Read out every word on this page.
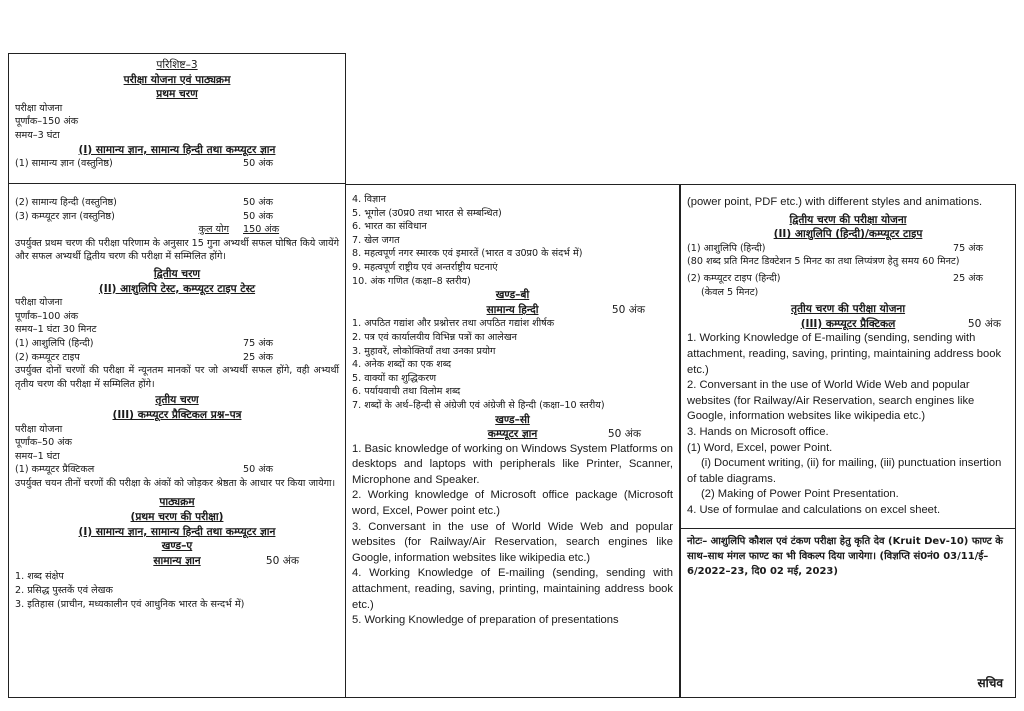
परिशिष्ट–3
परीक्षा योजना एवं पाठ्यक्रम
प्रथम चरण
परीक्षा योजना
पूर्णांक–150 अंक
समय–3 घंटा
(I) सामान्य ज्ञान, सामान्य हिन्दी तथा कम्प्यूटर ज्ञान
(1) सामान्य ज्ञान (वस्तुनिष्ठ)	50 अंक
(2) सामान्य हिन्दी (वस्तुनिष्ठ)	50 अंक
(3) कम्प्यूटर ज्ञान (वस्तुनिष्ठ)	50 अंक
कुल योग	150 अंक
उपर्युक्त प्रथम चरण की परीक्षा परिणाम के अनुसार 15 गुना अभ्यर्थी सफल घोषित किये जायेंगे और सफल अभ्यर्थी द्वितीय चरण की परीक्षा में सम्मिलित होंगे।
द्वितीय चरण
(II) आशुलिपि टेस्ट, कम्प्यूटर टाइप टेस्ट
परीक्षा योजना
पूर्णांक–100 अंक
समय–1 घंटा 30 मिनट
(1) आशुलिपि (हिन्दी)	75 अंक
(2) कम्प्यूटर टाइप	25 अंक
उपर्युक्त दोनों चरणों की परीक्षा में न्यूनतम मानकों पर जो अभ्यर्थी सफल होंगे, वही अभ्यर्थी तृतीय चरण की परीक्षा में सम्मिलित होंगे।
तृतीय चरण
(III) कम्प्यूटर प्रैक्टिकल प्रश्न–पत्र
परीक्षा योजना
पूर्णांक–50 अंक
समय–1 घंटा
(1) कम्प्यूटर प्रैक्टिकल	50 अंक
उपर्युक्त चयन तीनों चरणों की परीक्षा के अंकों को जोड़कर श्रेष्ठता के आधार पर किया जायेगा।
पाठ्यक्रम
(प्रथम चरण की परीक्षा)
(I) सामान्य ज्ञान, सामान्य हिन्दी तथा कम्प्यूटर ज्ञान
खण्ड–ए
सामान्य ज्ञान	50 अंक
1. शब्द संक्षेप
2. प्रसिद्ध पुस्तकें एवं लेखक
3. इतिहास (प्राचीन, मध्यकालीन एवं आधुनिक भारत के सन्दर्भ में)
4. विज्ञान
5. भूगोल (उ0प्र0 तथा भारत से सम्बन्धित)
6. भारत का संविधान
7. खेल जगत
8. महत्वपूर्ण नगर स्मारक एवं इमारतें (भारत व उ0प्र0 के संदर्भ में)
9. महत्वपूर्ण राष्ट्रीय एवं अन्तर्राष्ट्रीय घटनाएं
10. अंक गणित (कक्षा–8 स्तरीय)
खण्ड–बी
सामान्य हिन्दी	50 अंक
1. अपठित गद्यांश और प्रश्नोत्तर तथा अपठित गद्यांश शीर्षक
2. पत्र एवं कार्यालयीय विभिन्न पत्रों का आलेखन
3. मुहावरें, लोकोक्तियाँ तथा उनका प्रयोग
4. अनेक शब्दों का एक शब्द
5. वाक्यों का शुद्धिकरण
6. पर्यायवाची तथा विलोम शब्द
7. शब्दों के अर्थ–हिन्दी से अंग्रेजी एवं अंग्रेजी से हिन्दी (कक्षा–10 स्तरीय)
खण्ड–सी
कम्प्यूटर ज्ञान	50 अंक
1. Basic knowledge of working on Windows System Platforms on desktops and laptops with peripherals like Printer, Scanner, Microphone and Speaker.
2. Working knowledge of Microsoft office package (Microsoft word, Excel, Power point etc.)
3. Conversant in the use of World Wide Web and popular websites (for Railway/Air Reservation, search engines like Google, information websites like wikipedia etc.)
4. Working Knowledge of E-mailing (sending, sending with attachment, reading, saving, printing, maintaining address book etc.)
5. Working Knowledge of preparation of presentations
(power point, PDF etc.) with different styles and animations.
द्वितीय चरण की परीक्षा योजना
(II) आशुलिपि (हिन्दी)/कम्प्यूटर टाइप
(1) आशुलिपि (हिन्दी)	75 अंक
(80 शब्द प्रति मिनट डिक्टेशन 5 मिनट का तथा लिप्यंत्रण हेतु समय 60 मिनट)
(2) कम्प्यूटर टाइप (हिन्दी)	25 अंक
(केवल 5 मिनट)
तृतीय चरण की परीक्षा योजना
(III) कम्प्यूटर प्रैक्टिकल	50 अंक
1. Working Knowledge of E-mailing (sending, sending with attachment, reading, saving, printing, maintaining address book etc.)
2. Conversant in the use of World Wide Web and popular websites (for Railway/Air Reservation, search engines like Google, information websites like wikipedia etc.)
3. Hands on Microsoft office.
(1) Word, Excel, power Point.
(i) Document writing, (ii) for mailing, (iii) punctuation insertion of table diagrams.
(2) Making of Power Point Presentation.
4. Use of formulae and calculations on excel sheet.
नोटः– आशुलिपि कौशल एवं टंकण परीक्षा हेतु कृति देव (Kruit Dev-10) फाण्ट के साथ–साथ मंगल फाण्ट का भी विकल्प दिया जायेगा। (विज्ञप्ति सं0नं0 03/11/ई–6/2022–23, दि0 02 मई, 2023)
सचिव
